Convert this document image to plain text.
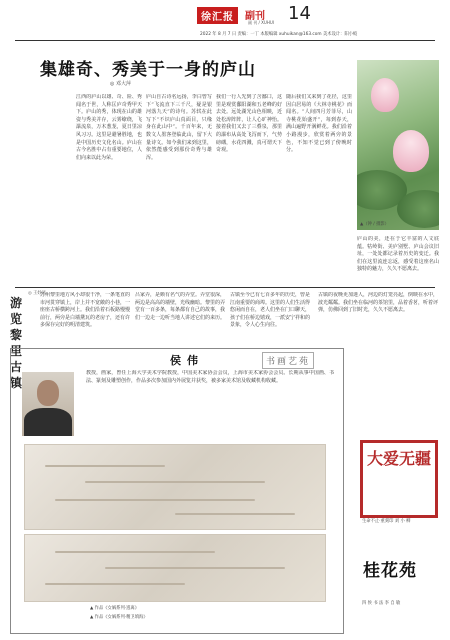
徐汇报	副刊 14
副 刊 / XUHUI
2022 年 8 月 7 日 责编：一丁 本版编辑 xuhuikan@163.com 美术设计：阳小蛟
集雄奇、秀美于一身的庐山
◎ 邓大萍
江西的庐山以雄、奇、险、秀闻名于世，人称匡庐奇秀甲天下。庐山的秀，体现在山的雄姿与秀美并存，云雾缭绕，飞瀑流泉，万木葱茏，夏日里凉风习习。这里是避暑胜地，也是中国历史文化名山。庐山在古今名胜中占有重要地位，人们向来以此为荣。
庐山自古诗名远扬，李白曾写下“飞流直下三千尺，疑是银河落九天”的诗句。苏轼在此写下“不识庐山真面目，只缘身在此山中”。千百年来，无数文人墨客登临此山，留下大量诗文。如今我们来到这里，依然能感受到那份奇秀与雄浑。
我们一行人先到了含鄱口，这里是观赏鄱阳湖和五老峰的好去处。远处湖光山色相映，近处松涛阵阵，让人心旷神怡。接着我们又去了三叠泉，那里的瀑布从高处飞泻而下，气势磅礴，水花四溅，真可谓天下奇观。
随后我们又来到了花径，这里因白居易的《大林寺桃花》而闻名。“人间四月芳菲尽，山寺桃花始盛开”，每到春天，满山遍野开满鲜花。我们沿着小路漫步，欣赏着两旁的景色，不知不觉已到了傍晚时分。
庐山的美，还在于它丰富的人文底蕴。牯岭街、美庐别墅、庐山会议旧址，一处处都记录着历史的变迁。我们在这里流连忘返，感受着这座名山独特的魅力，久久不愿离去。
▲（钟 / 摄影）
游览黎里古镇
◎ 王妙凤
苏州黎里地方风小却很干净，一条笔直的市河贯穿镇上，岸上并不宽敞的小巷，一座座古桥横跨河上。我们沿着石板路慢慢前行，两旁是白墙黛瓦的老房子，还有许多保存完好的明清建筑。
吕家弄，是颇有名气的弄堂。弄堂很深，两边是高高的墙壁，光线幽暗。黎里的弄堂有一百多条，每条都有自己的故事，我们一边走一边听当地人讲述它们的来历。
古镇至今已有七百多年的历史，曾是江南重要的商埠。这里的人们生活得悠闲而自在，老人们坐在门口聊天，孩子们在桥边嬉戏，一派安宁祥和的景象，令人心生向往。
古镇的夜晚更加迷人，河边的灯笼亮起，倒映在水中，波光粼粼。我们坐在临河的茶馆里，品着香茗，听着评弹，仿佛回到了旧时光，久久不愿离去。
侯伟	书画艺苑
教授，画家，曾任上海大学美术学院教授，中国美术家协会会员，上海市美术家协会会员。长期从事中国画、书法、篆刻及雕塑创作，作品多次参加国内外展览并获奖，被多家美术馆及收藏机构收藏。
▲ 作品《女娲系列·逃离》
▲ 作品《女娲系列·精卫填海》
大爱无疆
生命不止·重刻印 刘 小 柳
桂花苑
四 侯 书 法 李 自 敏
